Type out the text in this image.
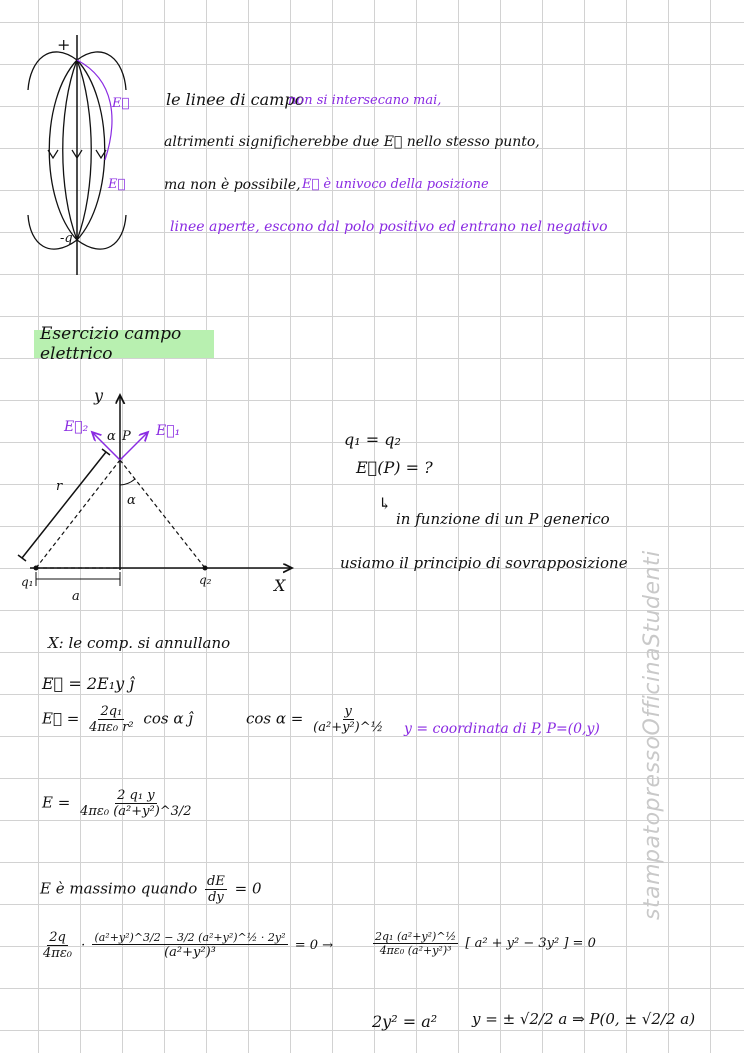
+
-q
E⃗
E⃗
le linee di campo
non si intersecano mai,
altrimenti significherebbe due E⃗ nello stesso punto,
ma non è possibile, E⃗ è univoco della posizione
linee aperte, escono dal polo positivo ed entrano nel negativo
Esercizio campo elettrico
y
X
E⃗₂	E⃗₁
α P
α
r
q₁	q₂
a
q₁ = q₂
E⃗(P) = ?
↳
in funzione di un P generico
usiamo il principio di sovrapposizione
X: le comp. si annullano
E⃗ = 2E₁y ĵ
E⃗ = $\frac{\text{2q₁}}{\text{4πε₀ r²}}$ cos α ĵ	$\cos \alpha = \frac{y}{\text{(a²+y²)\textasciicircum{}½}}$ y = coordinata di P, P=(0,y)
$E = \frac{\text{2 q₁ y}}{\text{4πε₀ (a²+y²)\textasciicircum{}3/2}}$
E è massimo quando $\frac{dE}{dy} = 0$
$\frac{2q}{\text{4πε₀}} \cdot \frac{\text{(a²+y²)\textasciicircum{}3/2 − 3/2 (a²+y²)\textasciicircum{}½ · 2y²}}{\text{(a²+y²)³}} = 0$ →	$\frac{\text{2q₁ (a²+y²)\textasciicircum{}½}}{\text{4πε₀ (a²+y²)³}}$ [ a² + y² − 3y² ] = 0
2y² = a² y = ± √2/2 a ⇒ P(0, ± √2/2 a)
stampatopressoOfficinaStudenti
